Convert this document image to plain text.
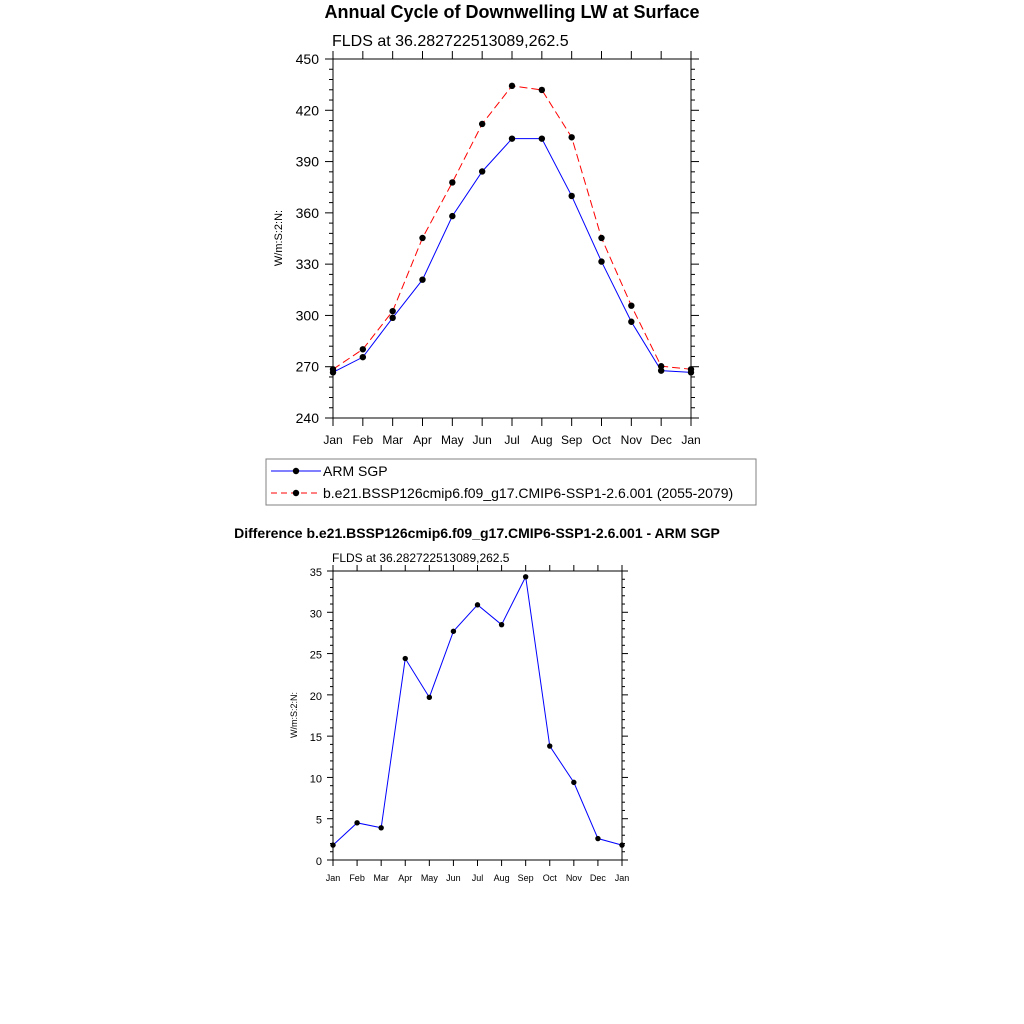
Annual Cycle of Downwelling LW at Surface
FLDS at 36.282722513089,262.5
W/m:S:2:N:
240
270
300
330
360
390
420
450
Jan Feb Mar Apr May Jun Jul Aug Sep Oct Nov Dec Jan
ARM SGP
b.e21.BSSP126cmip6.f09_g17.CMIP6-SSP1-2.6.001 (2055-2079)
Difference b.e21.BSSP126cmip6.f09_g17.CMIP6-SSP1-2.6.001 - ARM SGP
FLDS at 36.282722513089,262.5
W/m:S:2:N:
0
5
10
15
20
25
30
35
Jan Feb Mar Apr May Jun Jul Aug Sep Oct Nov Dec Jan
